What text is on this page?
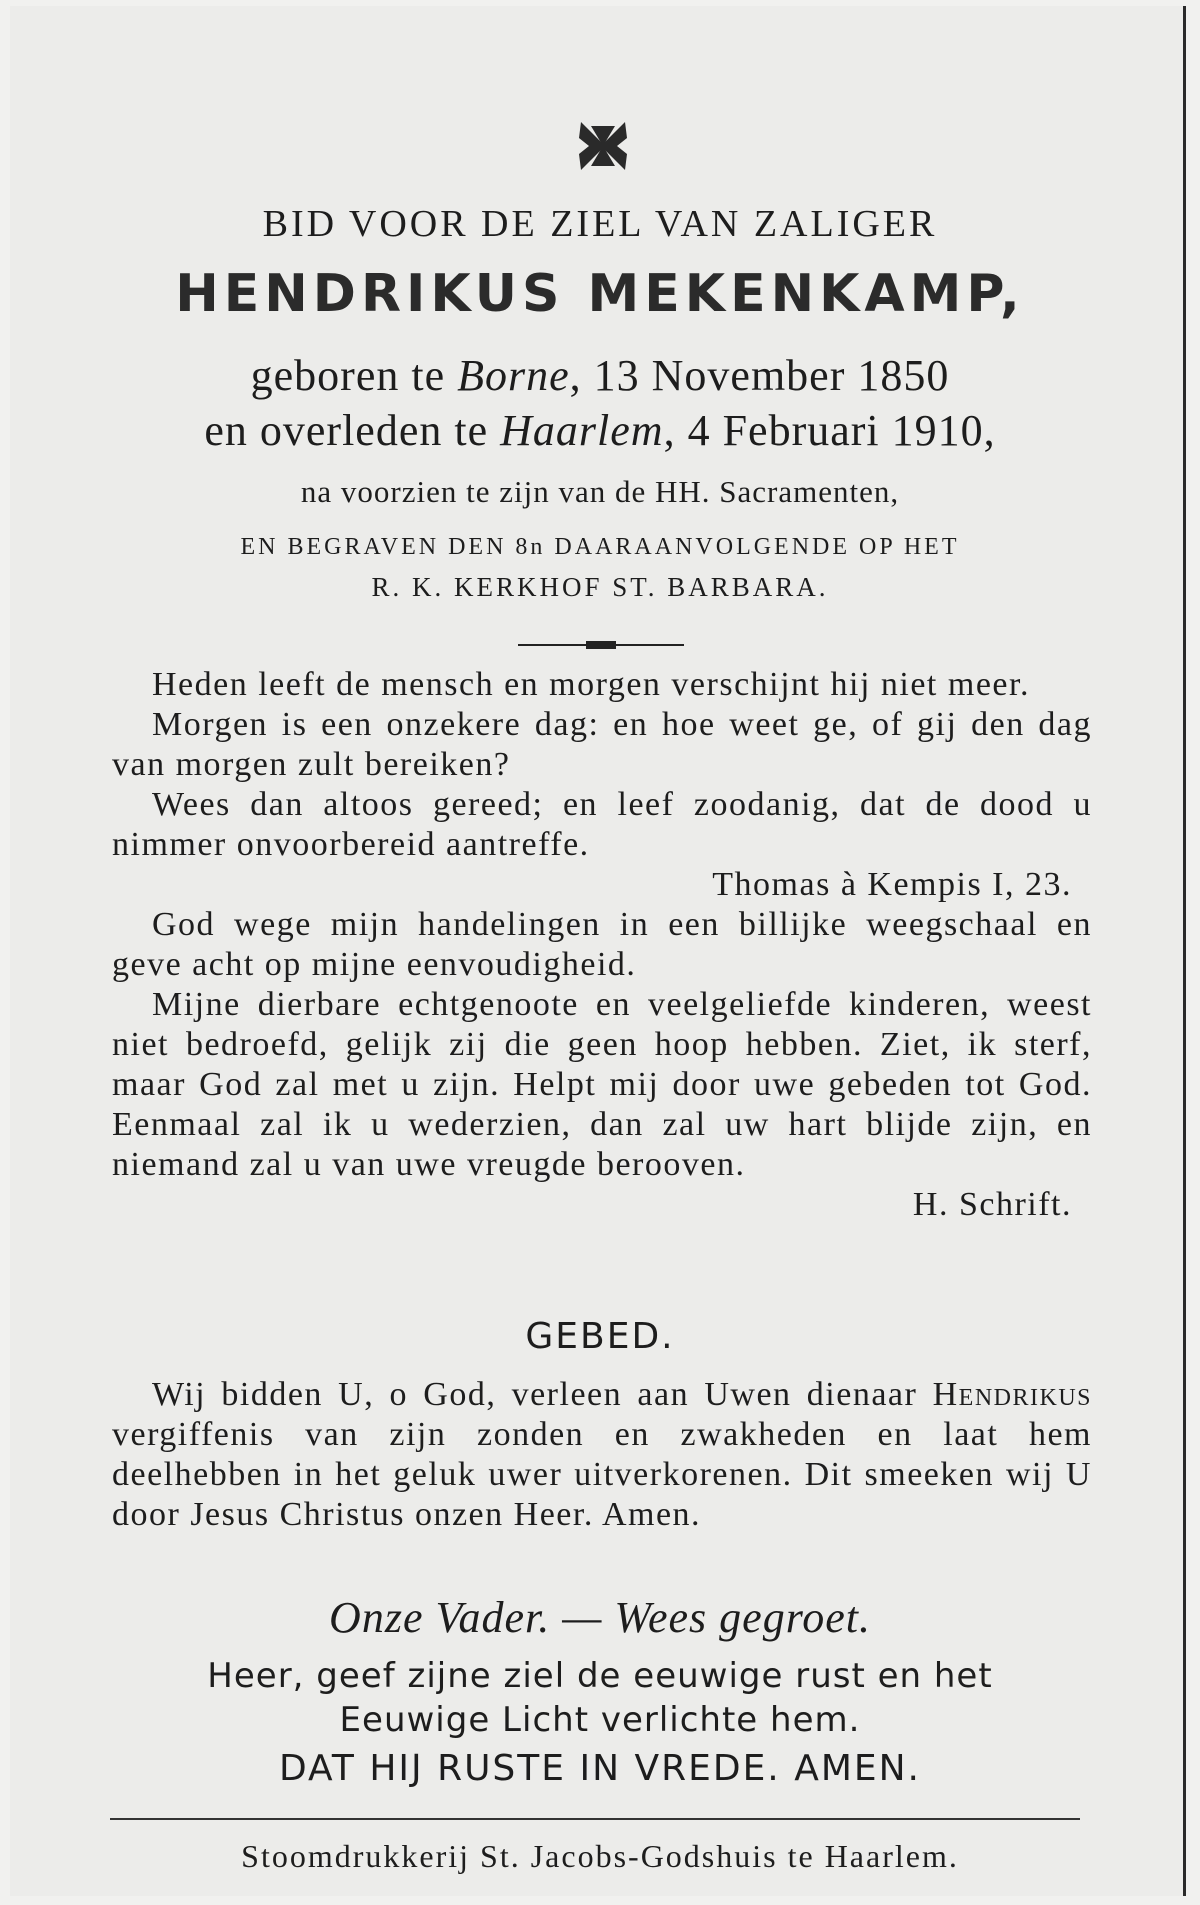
BID VOOR DE ZIEL VAN ZALIGER
HENDRIKUS MEKENKAMP,
geboren te Borne, 13 November 1850
en overleden te Haarlem, 4 Februari 1910,
na voorzien te zijn van de HH. Sacramenten,
EN BEGRAVEN DEN 8n DAARAANVOLGENDE OP HET
R. K. KERKHOF ST. BARBARA.

Heden leeft de mensch en morgen verschijnt hij niet meer.

Morgen is een onzekere dag: en hoe weet ge, of gij den dag van morgen zult bereiken?

Wees dan altoos gereed; en leef zoodanig, dat de dood u nimmer onvoorbereid aantreffe.

Thomas à Kempis I, 23.

God wege mijn handelingen in een billijke weegschaal en geve acht op mijne eenvoudigheid.

Mijne dierbare echtgenoote en veelgeliefde kinderen, weest niet bedroefd, gelijk zij die geen hoop hebben. Ziet, ik sterf, maar God zal met u zijn. Helpt mij door uwe gebeden tot God. Eenmaal zal ik u wederzien, dan zal uw hart blijde zijn, en niemand zal u van uwe vreugde berooven.

H. Schrift.

GEBED.

Wij bidden U, o God, verleen aan Uwen dienaar Hendrikus vergiffenis van zijn zonden en zwakheden en laat hem deelhebben in het geluk uwer uitverkorenen. Dit smeeken wij U door Jesus Christus onzen Heer. Amen.

Onze Vader. — Wees gegroet.
Heer, geef zijne ziel de eeuwige rust en het
Eeuwige Licht verlichte hem.
DAT HIJ RUSTE IN VREDE. AMEN.
Stoomdrukkerij St. Jacobs-Godshuis te Haarlem.
